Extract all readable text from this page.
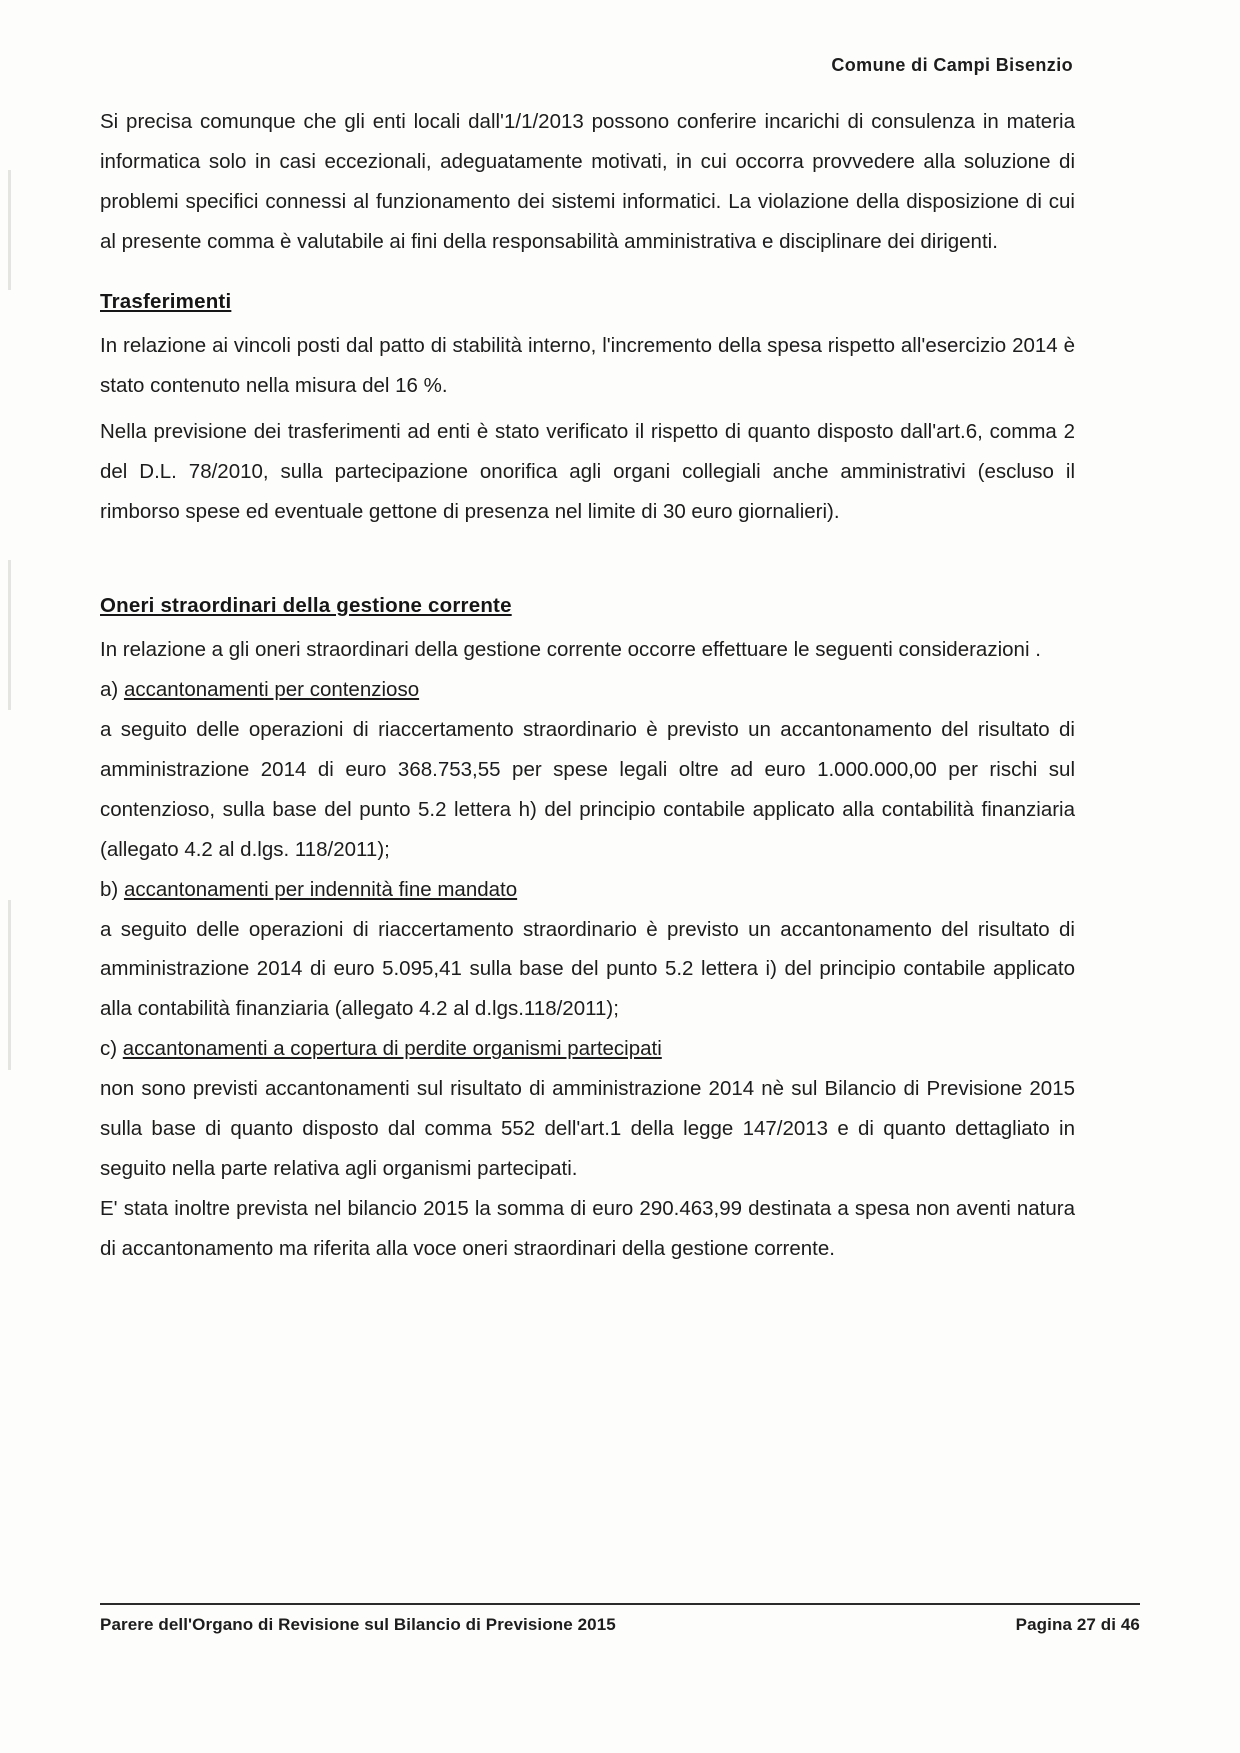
Comune di Campi Bisenzio

Si precisa comunque che gli enti locali dall'1/1/2013 possono conferire incarichi di consulenza in materia informatica solo in casi eccezionali, adeguatamente motivati, in cui occorra provvedere alla soluzione di problemi specifici connessi al funzionamento dei sistemi informatici. La violazione della disposizione di cui al presente comma è valutabile ai fini della responsabilità amministrativa e disciplinare dei dirigenti.

Trasferimenti

In relazione ai vincoli posti dal patto di stabilità interno, l'incremento della spesa rispetto all'esercizio 2014 è stato contenuto nella misura del 16 %.

Nella previsione dei trasferimenti ad enti è stato verificato il rispetto di quanto disposto dall'art.6, comma 2 del D.L. 78/2010, sulla partecipazione onorifica agli organi collegiali anche amministrativi (escluso il rimborso spese ed eventuale gettone di presenza nel limite di 30 euro giornalieri).

Oneri straordinari della gestione corrente

In relazione a gli oneri straordinari della gestione corrente occorre effettuare le seguenti considerazioni .

a) accantonamenti per contenzioso

a seguito delle operazioni di riaccertamento straordinario è previsto un accantonamento del risultato di amministrazione 2014 di euro 368.753,55 per spese legali oltre ad euro 1.000.000,00 per rischi sul contenzioso, sulla base del punto 5.2 lettera h) del principio contabile applicato alla contabilità finanziaria (allegato 4.2 al d.lgs. 118/2011);

b) accantonamenti per indennità fine mandato

a seguito delle operazioni di riaccertamento straordinario è previsto un accantonamento del risultato di amministrazione 2014 di euro 5.095,41 sulla base del punto 5.2 lettera i) del principio contabile applicato alla contabilità finanziaria (allegato 4.2 al d.lgs.118/2011);

c) accantonamenti a copertura di perdite organismi partecipati

non sono previsti accantonamenti sul risultato di amministrazione 2014 nè sul Bilancio di Previsione 2015 sulla base di quanto disposto dal comma 552 dell'art.1 della legge 147/2013 e di quanto dettagliato in seguito nella parte relativa agli organismi partecipati.

E' stata inoltre prevista nel bilancio 2015 la somma di euro 290.463,99 destinata a spesa non aventi natura di accantonamento ma riferita alla voce oneri straordinari della gestione corrente.

Parere dell'Organo di Revisione sul Bilancio di Previsione 2015	Pagina 27 di 46
